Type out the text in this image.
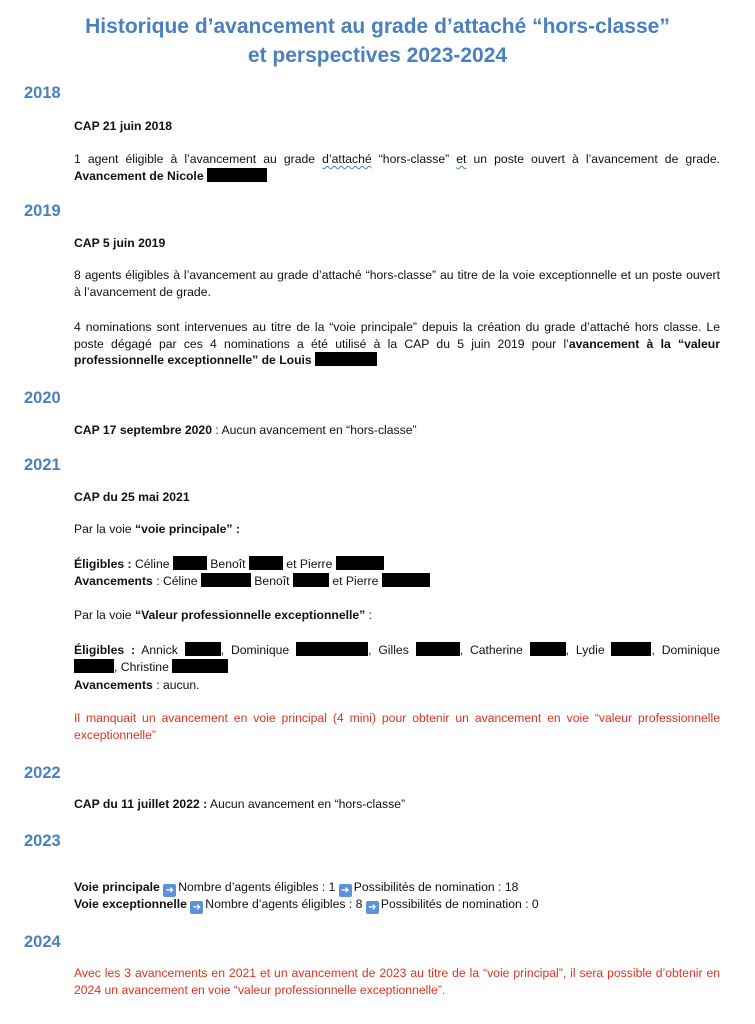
Historique d’avancement au grade d’attaché “hors-classe”
et perspectives 2023-2024
2018
CAP 21 juin 2018
1 agent éligible à l’avancement au grade d’attaché “hors-classe” et un poste ouvert à l’avancement de grade. Avancement de Nicole
2019
CAP 5 juin 2019
8 agents éligibles à l’avancement au grade d’attaché “hors-classe” au titre de la voie exceptionnelle et un poste ouvert à l’avancement de grade.
4 nominations sont intervenues au titre de la “voie principale” depuis la création du grade d’attaché hors classe. Le poste dégagé par ces 4 nominations a été utilisé à la CAP du 5 juin 2019 pour l’avancement à la “valeur professionnelle exceptionnelle” de Louis
2020
CAP 17 septembre 2020 : Aucun avancement en “hors-classe”
2021
CAP du 25 mai 2021
Par la voie “voie principale” :
Éligibles : Céline	Benoît	et Pierre
Avancements : Céline	Benoît	et Pierre
Par la voie “Valeur professionnelle exceptionnelle” :
Éligibles : Annick	, Dominique	, Gilles	, Catherine	, Lydie	, Dominique , Christine
Avancements : aucun.
Il manquait un avancement en voie principal (4 mini) pour obtenir un avancement en voie “valeur professionnelle exceptionnelle”
2022
CAP du 11 juillet 2022 : Aucun avancement en “hors-classe”
2023
Voie principale ➜ Nombre d’agents éligibles : 1 ➜ Possibilités de nomination : 18
Voie exceptionnelle ➜ Nombre d’agents éligibles : 8 ➜ Possibilités de nomination : 0
2024
Avec les 3 avancements en 2021 et un avancement de 2023 au titre de la “voie principal”, il sera possible d’obtenir en 2024 un avancement en voie “valeur professionnelle exceptionnelle”.
